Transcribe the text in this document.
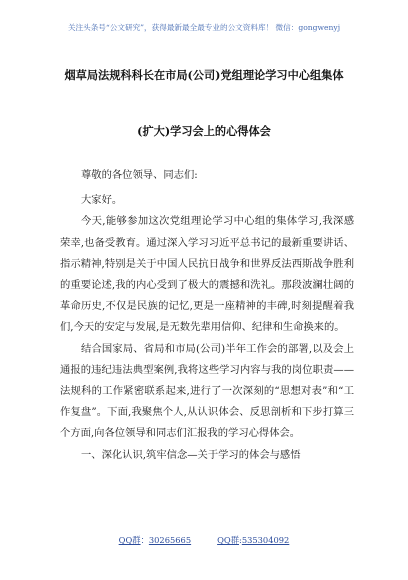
关注头条号“公文研究”，获得最新最全最专业的公文资料库！ 微信：gongwenyj
烟草局法规科科长在市局(公司)党组理论学习中心组集体
(扩大)学习会上的心得体会

尊敬的各位领导、同志们:

大家好。

今天,能够参加这次党组理论学习中心组的集体学习,我深感荣幸,也备受教育。通过深入学习习近平总书记的最新重要讲话、指示精神,特别是关于中国人民抗日战争和世界反法西斯战争胜利的重要论述,我的内心受到了极大的震撼和洗礼。那段波澜壮阔的革命历史,不仅是民族的记忆,更是一座精神的丰碑,时刻提醒着我们,今天的安定与发展,是无数先辈用信仰、纪律和生命换来的。

结合国家局、省局和市局(公司)半年工作会的部署,以及会上通报的违纪违法典型案例,我将这些学习内容与我的岗位职责——法规科的工作紧密联系起来,进行了一次深刻的“思想对表”和“工作复盘”。下面,我聚焦个人,从认识体会、反思剖析和下步打算三个方面,向各位领导和同志们汇报我的学习心得体会。

一、深化认识,筑牢信念—关于学习的体会与感悟

QQ群：30265665	QQ群:535304092
